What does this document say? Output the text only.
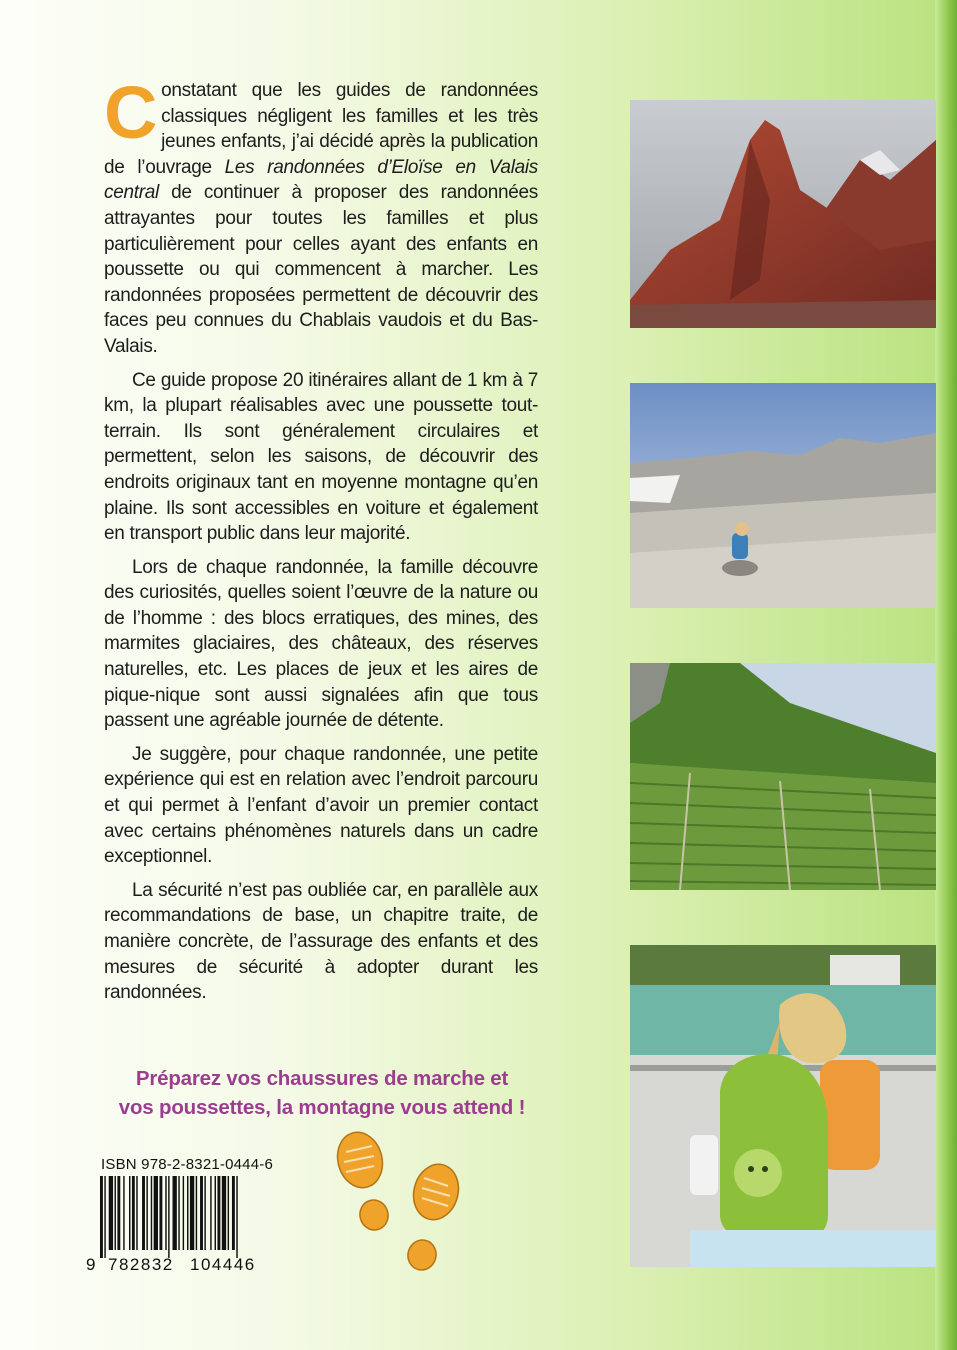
Constatant que les guides de randonnées classiques négligent les familles et les très jeunes enfants, j’ai décidé après la publication de l’ouvrage Les randonnées d’Eloïse en Valais central de continuer à proposer des randonnées attrayantes pour toutes les familles et plus particulièrement pour celles ayant des enfants en poussette ou qui commencent à marcher. Les randonnées proposées permettent de découvrir des faces peu connues du Chablais vaudois et du Bas-Valais.

Ce guide propose 20 itinéraires allant de 1 km à 7 km, la plupart réalisables avec une poussette tout-terrain. Ils sont généralement circulaires et permettent, selon les saisons, de découvrir des endroits originaux tant en moyenne montagne qu’en plaine. Ils sont accessibles en voiture et également en transport public dans leur majorité.

Lors de chaque randonnée, la famille découvre des curiosités, quelles soient l’œuvre de la nature ou de l’homme : des blocs erratiques, des mines, des marmites glaciaires, des châteaux, des réserves naturelles, etc. Les places de jeux et les aires de pique-nique sont aussi signalées afin que tous passent une agréable journée de détente.

Je suggère, pour chaque randonnée, une petite expérience qui est en relation avec l’endroit parcouru et qui permet à l’enfant d’avoir un premier contact avec certains phénomènes naturels dans un cadre exceptionnel.

La sécurité n’est pas oubliée car, en parallèle aux recommandations de base, un chapitre traite, de manière concrète, de l’assurage des enfants et des mesures de sécurité à adopter durant les randonnées.

Préparez vos chaussures de marche et
vos poussettes, la montagne vous attend !
ISBN 978-2-8321-0444-6
9 782832 104446
